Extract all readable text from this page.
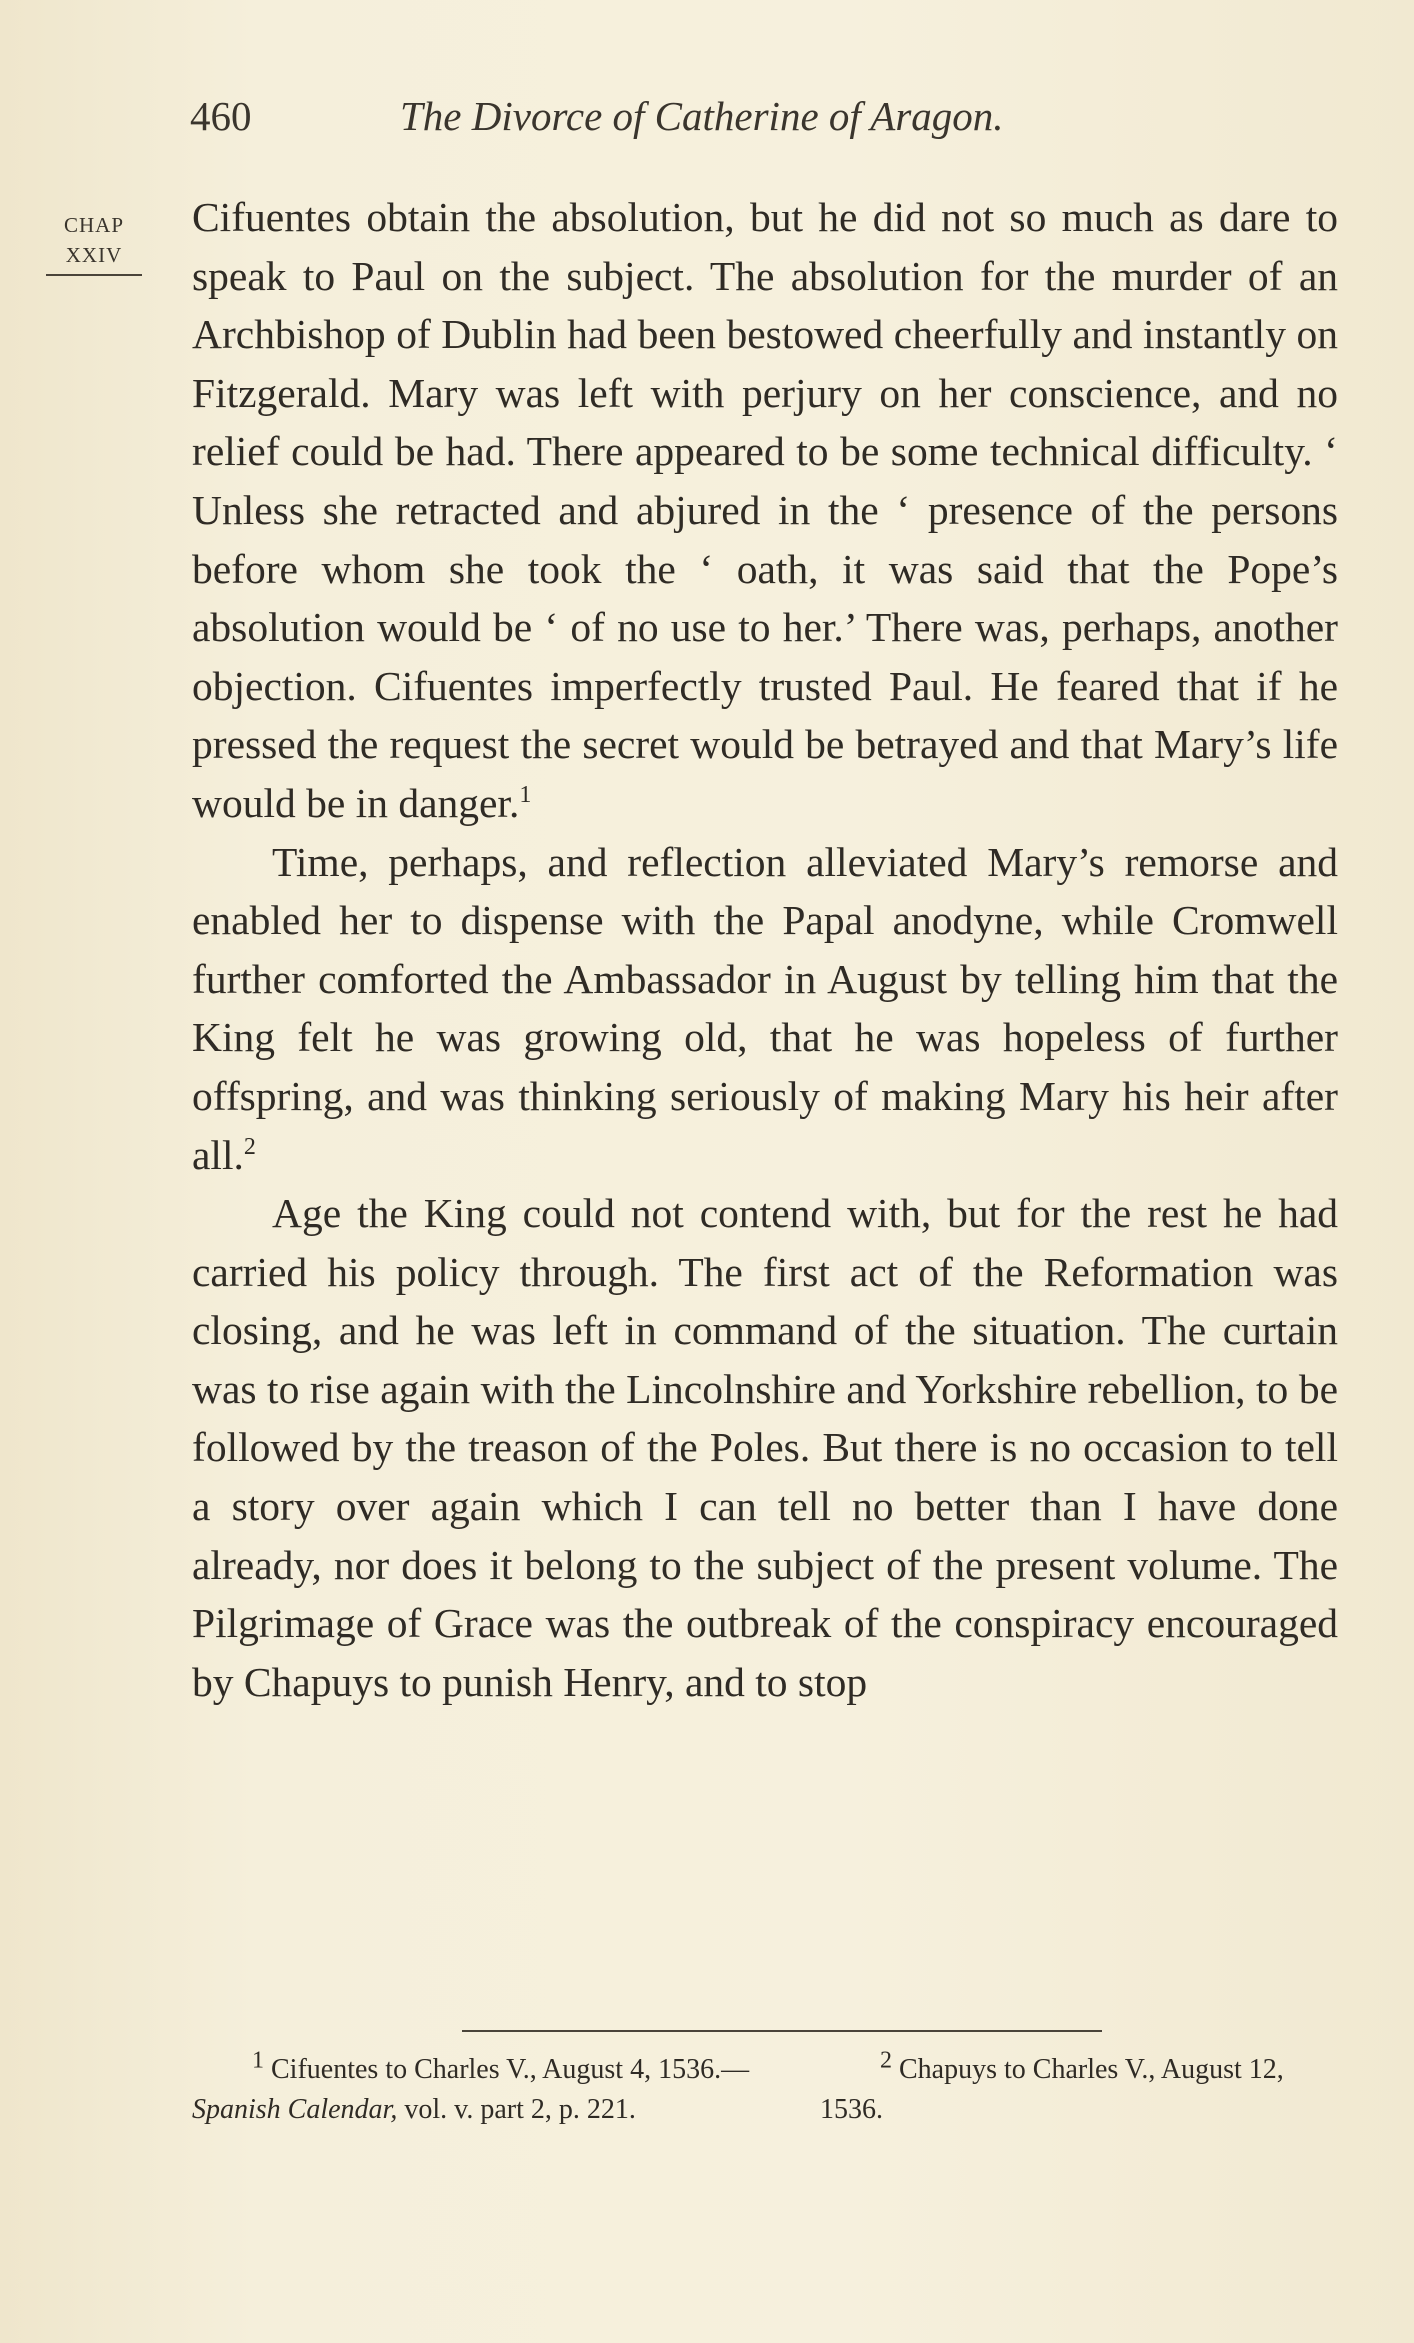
460	The Divorce of Catherine of Aragon.
CHAP
XXIV

Cifuentes obtain the absolution, but he did not so much as dare to speak to Paul on the subject. The absolution for the murder of an Archbishop of Dublin had been bestowed cheerfully and instantly on Fitzgerald. Mary was left with perjury on her conscience, and no relief could be had. There appeared to be some technical difficulty. ‘ Unless she retracted and abjured in the ‘ presence of the persons before whom she took the ‘ oath, it was said that the Pope’s absolution would be ‘ of no use to her.’ There was, perhaps, another objection. Cifuentes imperfectly trusted Paul. He feared that if he pressed the request the secret would be betrayed and that Mary’s life would be in danger.$^1$

Time, perhaps, and reflection alleviated Mary’s remorse and enabled her to dispense with the Papal anodyne, while Cromwell further comforted the Ambassador in August by telling him that the King felt he was growing old, that he was hopeless of further offspring, and was thinking seriously of making Mary his heir after all.$^2$

Age the King could not contend with, but for the rest he had carried his policy through. The first act of the Reformation was closing, and he was left in command of the situation. The curtain was to rise again with the Lincolnshire and Yorkshire rebellion, to be followed by the treason of the Poles. But there is no occasion to tell a story over again which I can tell no better than I have done already, nor does it belong to the subject of the present volume. The Pilgrimage of Grace was the outbreak of the conspiracy encouraged by Chapuys to punish Henry, and to stop

$^1$ Cifuentes to Charles V., August 4, 1536.—Spanish Calendar, vol. v. part 2, p. 221.

$^2$ Chapuys to Charles V., August 12, 1536.
